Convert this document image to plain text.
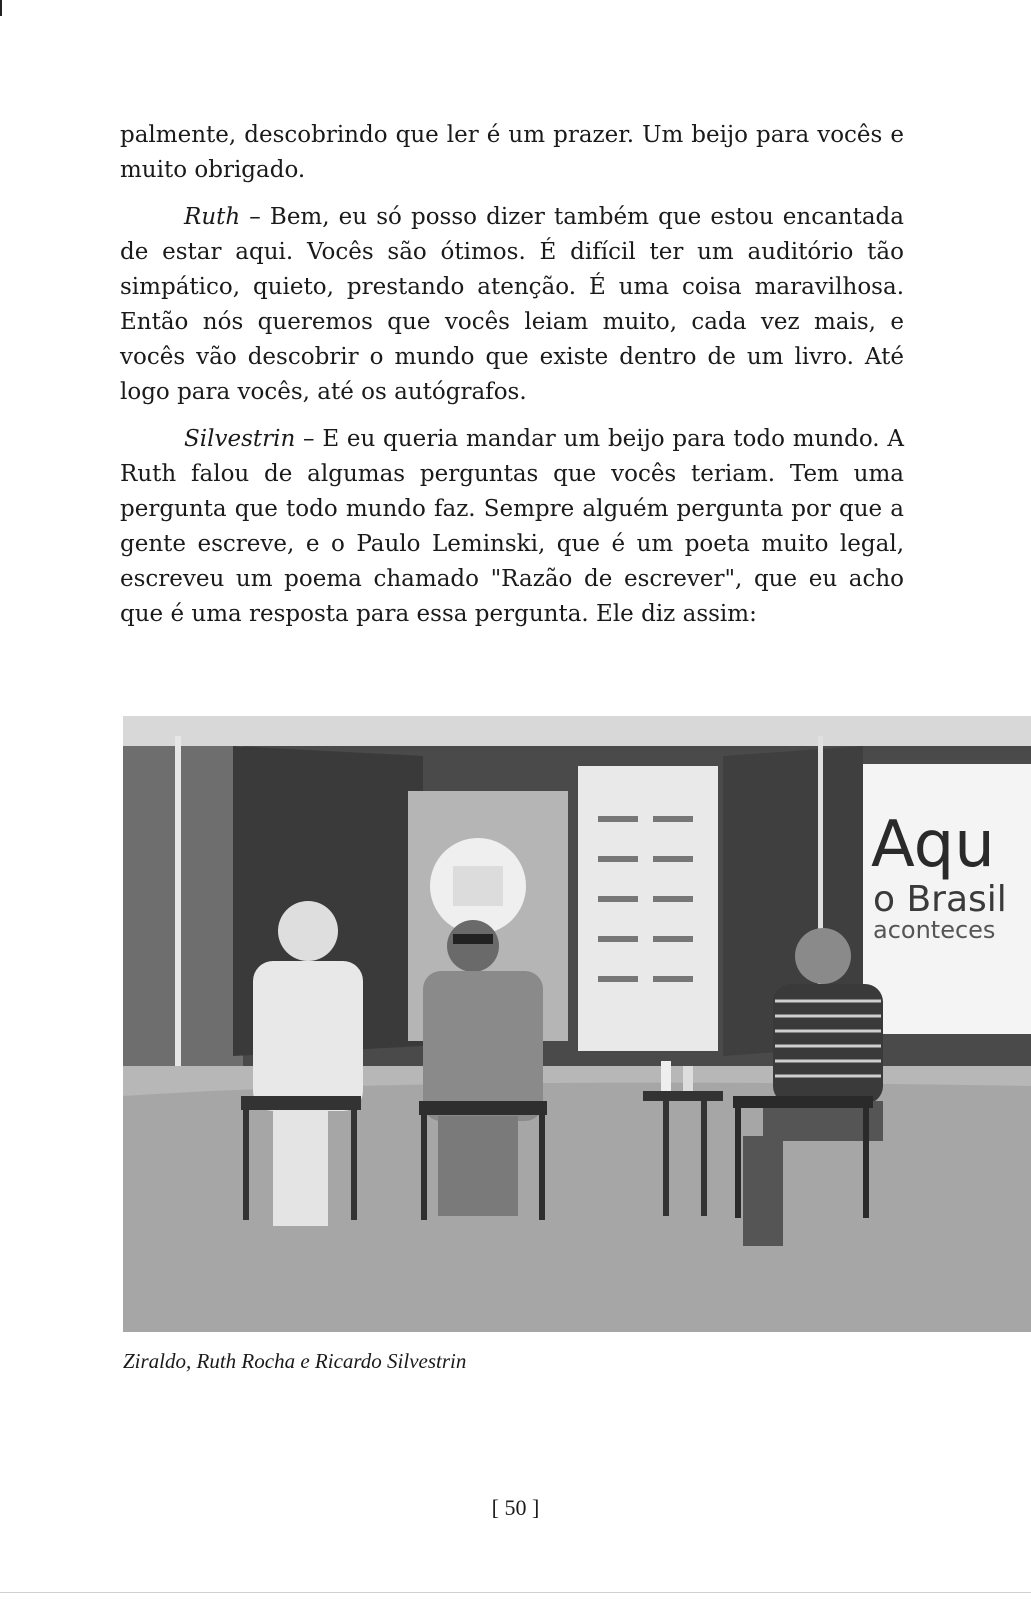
palmente, descobrindo que ler é um prazer. Um beijo para vocês e muito obrigado.

Ruth – Bem, eu só posso dizer também que estou encantada de estar aqui. Vocês são ótimos. É difícil ter um auditório tão simpático, quieto, prestando atenção. É uma coisa maravilhosa. Então nós queremos que vocês leiam muito, cada vez mais, e vocês vão descobrir o mundo que existe dentro de um livro. Até logo para vocês, até os autógrafos.

Silvestrin – E eu queria mandar um beijo para todo mundo. A Ruth falou de algumas perguntas que vocês teriam. Tem uma pergunta que todo mundo faz. Sempre alguém pergunta por que a gente escreve, e o Paulo Leminski, que é um poeta muito legal, escreveu um poema chamado "Razão de escrever", que eu acho que é uma resposta para essa pergunta. Ele diz assim:

Aqu
o Brasil
aconteces
Ziraldo, Ruth Rocha e Ricardo Silvestrin
[ 50 ]
